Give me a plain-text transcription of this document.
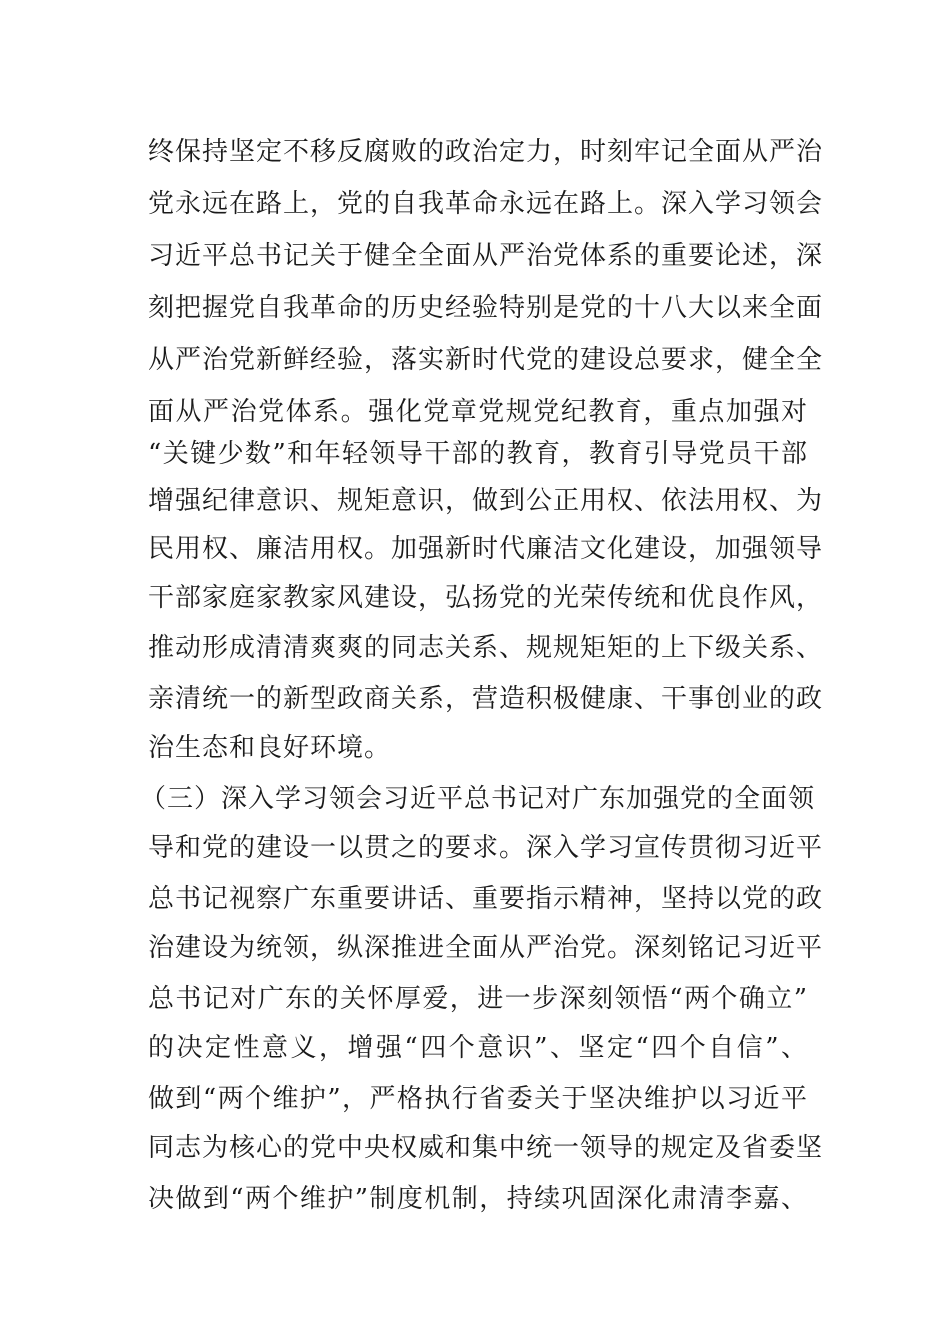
终保持坚定不移反腐败的政治定力，时刻牢记全面从严治
党永远在路上，党的自我革命永远在路上。深入学习领会
习近平总书记关于健全全面从严治党体系的重要论述，深
刻把握党自我革命的历史经验特别是党的十八大以来全面
从严治党新鲜经验，落实新时代党的建设总要求，健全全
面从严治党体系。强化党章党规党纪教育，重点加强对
“关键少数”和年轻领导干部的教育，教育引导党员干部
增强纪律意识、规矩意识，做到公正用权、依法用权、为
民用权、廉洁用权。加强新时代廉洁文化建设，加强领导
干部家庭家教家风建设，弘扬党的光荣传统和优良作风，
推动形成清清爽爽的同志关系、规规矩矩的上下级关系、
亲清统一的新型政商关系，营造积极健康、干事创业的政
治生态和良好环境。
（三）深入学习领会习近平总书记对广东加强党的全面领
导和党的建设一以贯之的要求。深入学习宣传贯彻习近平
总书记视察广东重要讲话、重要指示精神，坚持以党的政
治建设为统领，纵深推进全面从严治党。深刻铭记习近平
总书记对广东的关怀厚爱，进一步深刻领悟“两个确立”
的决定性意义，增强“四个意识”、坚定“四个自信”、
做到“两个维护”，严格执行省委关于坚决维护以习近平
同志为核心的党中央权威和集中统一领导的规定及省委坚
决做到“两个维护”制度机制，持续巩固深化肃清李嘉、
